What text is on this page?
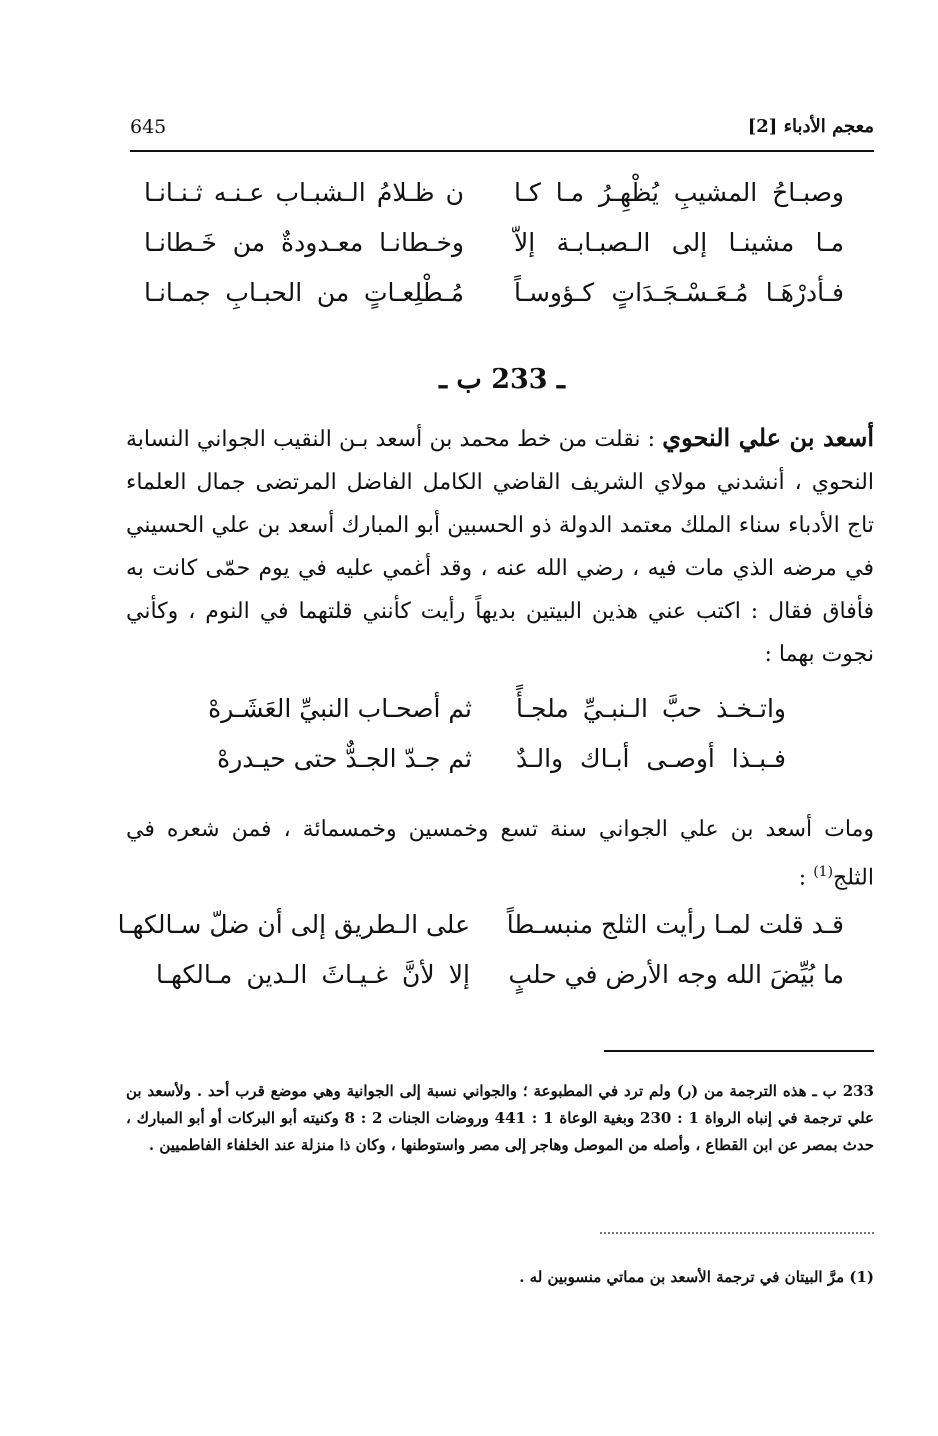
645	معجم الأدباء [2]
وصبـاحُ المشيبِ يُظْهِـرُ مـا كـا
ن ظـلامُ الـشبـاب عـنـه ثـنـانـا
مـا مشينـا إلى الـصبـابـة إلاّ
وخـطانـا معـدودةٌ من خَـطانـا
فـأدرْهَـا مُـعَـسْـجَـدَاتٍ كـؤوسـاً
مُـطْلِعـاتٍ من الحبـابِ جمـانـا
ـ 233 ب ـ
أسعد بن علي النحوي : نقلت من خط محمد بن أسعد بـن النقيب الجواني النسابة النحوي ، أنشدني مولاي الشريف القاضي الكامل الفاضل المرتضى جمال العلماء تاج الأدباء سناء الملك معتمد الدولة ذو الحسبين أبو المبارك أسعد بن علي الحسيني في مرضه الذي مات فيه ، رضي الله عنه ، وقد أغمي عليه في يوم حمّى كانت به فأفاق فقال : اكتب عني هذين البيتين بديهاً رأيت كأنني قلتهما في النوم ، وكأني نجوت بهما :
واتـخـذ حبَّ الـنبـيِّ ملجـأً
ثم أصحـاب النبيِّ العَشَـرهْ
فـبـذا أوصـى أبـاك والـدٌ
ثم جـدّ الجـدٌّ حتى حيـدرهْ
ومات أسعد بن علي الجواني سنة تسع وخمسين وخمسمائة ، فمن شعره في الثلج$^{(1)}$ :
قـد قلت لمـا رأيت الثلج منبسـطاً
على الـطريق إلى أن ضلّ سـالكهـا
ما بُيِّضَ الله وجه الأرض في حلبٍ
إلا لأنَّ غـيـاثَ الـدين مـالكهـا
233 ب ـ هذه الترجمة من (ر) ولم ترد في المطبوعة ؛ والجواني نسبة إلى الجوانية وهي موضع قرب أحد . ولأسعد بن علي ترجمة في إنباه الرواة 1 : 230 وبغية الوعاة 1 : 441 وروضات الجنات 2 : 8 وكنيته أبو البركات أو أبو المبارك ، حدث بمصر عن ابن القطاع ، وأصله من الموصل وهاجر إلى مصر واستوطنها ، وكان ذا منزلة عند الخلفاء الفاطميين .
(1) مرَّ البيتان في ترجمة الأسعد بن مماتي منسوبين له .
